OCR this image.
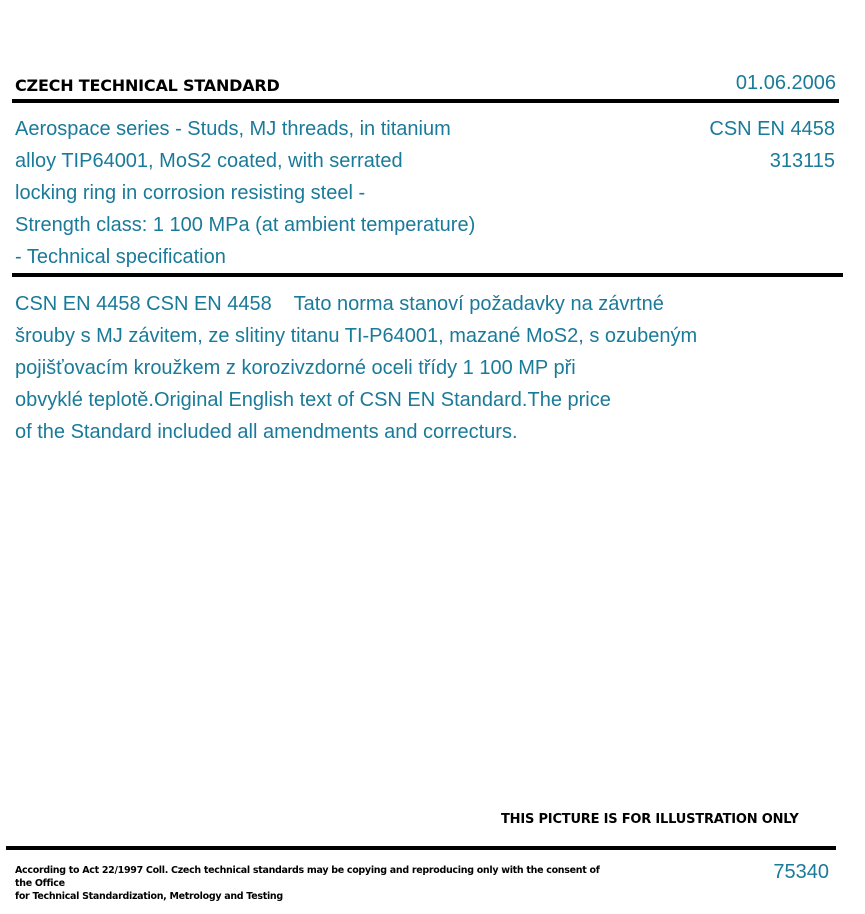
CZECH TECHNICAL STANDARD	01.06.2006
Aerospace series - Studs, MJ threads, in titanium
alloy TIP64001, MoS2 coated, with serrated
locking ring in corrosion resisting steel -
Strength class: 1 100 MPa (at ambient temperature)
- Technical specification
CSN EN 4458
313115
CSN EN 4458 CSN EN 4458    Tato norma stanoví požadavky na závrtné
šrouby s MJ závitem, ze slitiny titanu TI-P64001, mazané MoS2, s ozubeným
pojišťovacím kroužkem z korozivzdorné oceli třídy 1 100 MP při
obvyklé teplotě.Original English text of CSN EN Standard.The price
of the Standard included all amendments and correcturs.
THIS PICTURE IS FOR ILLUSTRATION ONLY
According to Act 22/1997 Coll. Czech technical standards may be copying and reproducing only with the consent of the Office
for Technical Standardization, Metrology and Testing
75340
